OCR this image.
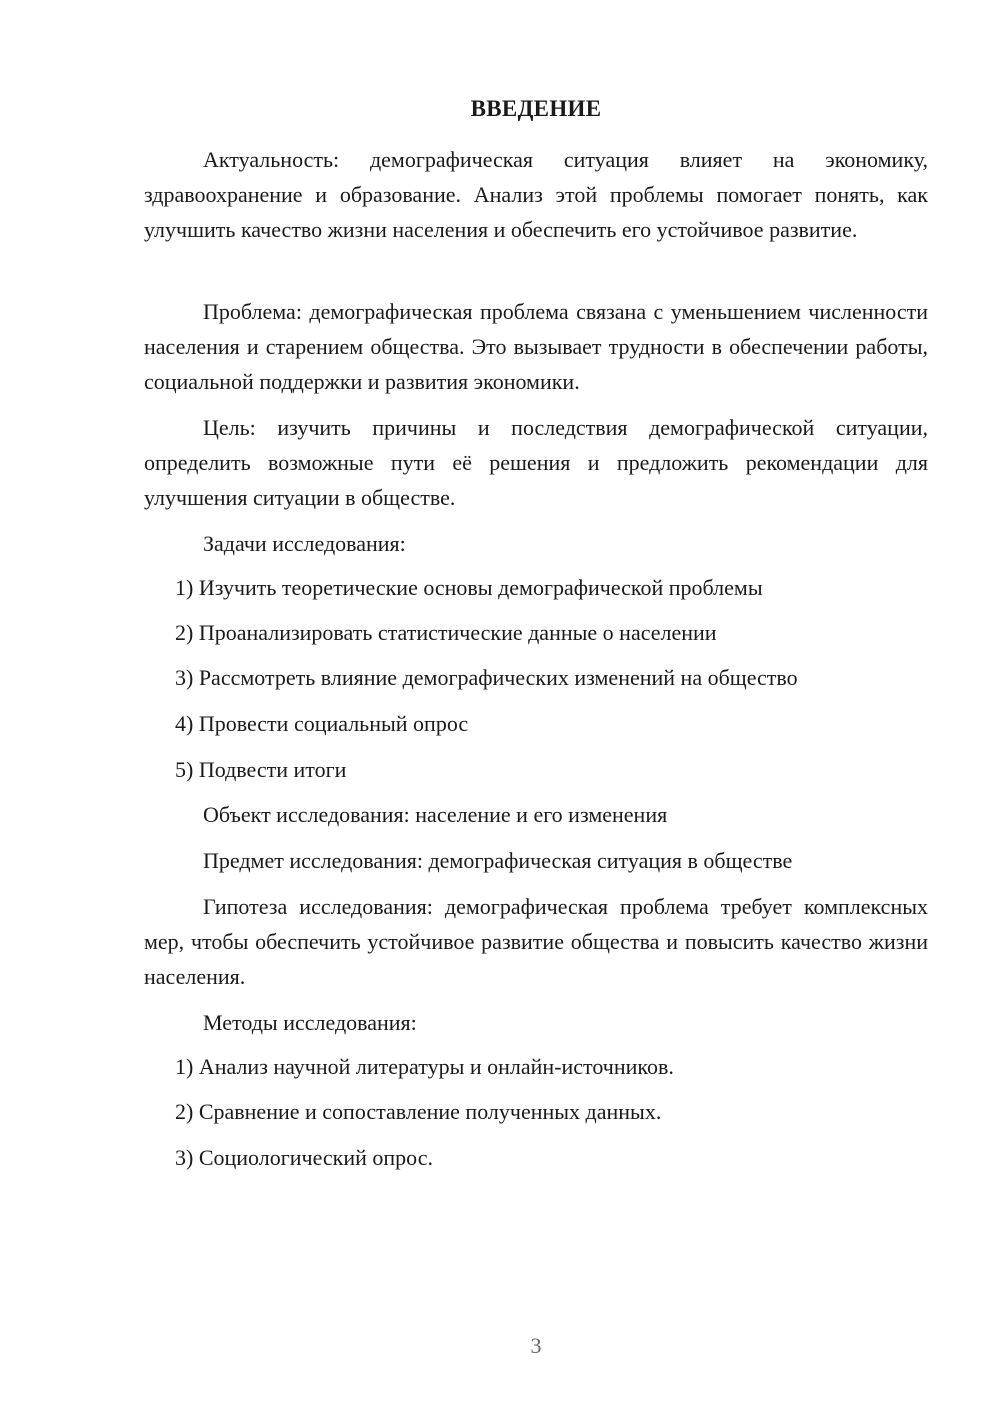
ВВЕДЕНИЕ

Актуальность: демографическая ситуация влияет на экономику, здравоохранение и образование. Анализ этой проблемы помогает понять, как улучшить качество жизни населения и обеспечить его устойчивое развитие.

Проблема: демографическая проблема связана с уменьшением численности населения и старением общества. Это вызывает трудности в обеспечении работы, социальной поддержки и развития экономики.

Цель: изучить причины и последствия демографической ситуации, определить возможные пути её решения и предложить рекомендации для улучшения ситуации в обществе.

Задачи исследования:
1) Изучить теоретические основы демографической проблемы
2) Проанализировать статистические данные о населении
3) Рассмотреть влияние демографических изменений на общество
4) Провести социальный опрос
5) Подвести итоги
Объект исследования: население и его изменения
Предмет исследования: демографическая ситуация в обществе

Гипотеза исследования: демографическая проблема требует комплексных мер, чтобы обеспечить устойчивое развитие общества и повысить качество жизни населения.

Методы исследования:
1) Анализ научной литературы и онлайн-источников.
2) Сравнение и сопоставление полученных данных.
3) Социологический опрос.
3
